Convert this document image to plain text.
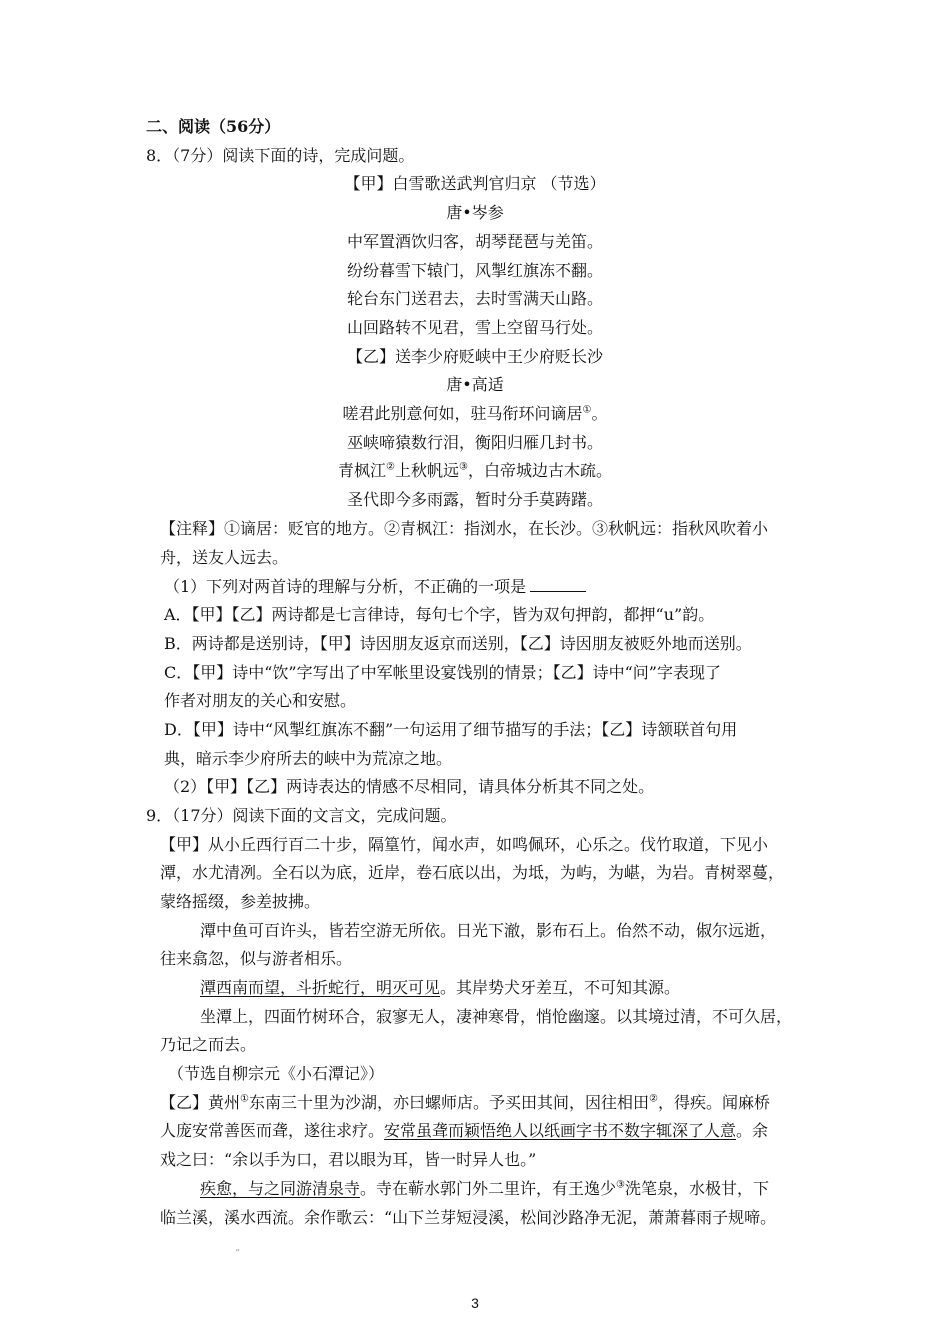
二、阅读（56分）
8．（7分）阅读下面的诗，完成问题。
【甲】白雪歌送武判官归京 （节选）
唐•岑参
中军置酒饮归客，胡琴琵琶与羌笛。
纷纷暮雪下辕门，风掣红旗冻不翻。
轮台东门送君去，去时雪满天山路。
山回路转不见君，雪上空留马行处。
【乙】送李少府贬峡中王少府贬长沙
唐•高适
嗟君此别意何如，驻马衔环问谪居①。
巫峡啼猿数行泪，衡阳归雁几封书。
青枫江②上秋帆远③，白帝城边古木疏。
圣代即今多雨露，暂时分手莫踌躇。
【注释】①谪居：贬官的地方。②青枫江：指浏水，在长沙。③秋帆远：指秋风吹着小
舟，送友人远去。
（1）下列对两首诗的理解与分析，不正确的一项是
A．【甲】【乙】两诗都是七言律诗，每句七个字，皆为双句押韵，都押“u”韵。
B．两诗都是送别诗，【甲】诗因朋友返京而送别，【乙】诗因朋友被贬外地而送别。
C．【甲】诗中“饮”字写出了中军帐里设宴饯别的情景；【乙】诗中“问”字表现了
作者对朋友的关心和安慰。
D．【甲】诗中“风掣红旗冻不翻”一句运用了细节描写的手法；【乙】诗颔联首句用
典，暗示李少府所去的峡中为荒凉之地。
（2）【甲】【乙】两诗表达的情感不尽相同，请具体分析其不同之处。
9．（17分）阅读下面的文言文，完成问题。
【甲】从小丘西行百二十步，隔篁竹，闻水声，如鸣佩环，心乐之。伐竹取道，下见小
潭，水尤清冽。全石以为底，近岸，卷石底以出，为坻，为屿，为嵁，为岩。青树翠蔓，
蒙络摇缀，参差披拂。
潭中鱼可百许头，皆若空游无所依。日光下澈，影布石上。佁然不动，俶尔远逝，
往来翕忽，似与游者相乐。
潭西南而望，斗折蛇行，明灭可见。其岸势犬牙差互，不可知其源。
坐潭上，四面竹树环合，寂寥无人，凄神寒骨，悄怆幽邃。以其境过清，不可久居，
乃记之而去。
（节选自柳宗元《小石潭记》）
【乙】黄州①东南三十里为沙湖，亦曰螺师店。予买田其间，因往相田②，得疾。闻麻桥
人庞安常善医而聋，遂往求疗。安常虽聋而颖悟绝人以纸画字书不数字辄深了人意。余
戏之曰：“余以手为口，君以眼为耳，皆一时异人也。”
疾愈，与之同游清泉寺。寺在蕲水郭门外二里许，有王逸少③洗笔泉，水极甘，下
临兰溪，溪水西流。余作歌云：“山下兰芽短浸溪，松间沙路净无泥，萧萧暮雨子规啼。
˶
3
